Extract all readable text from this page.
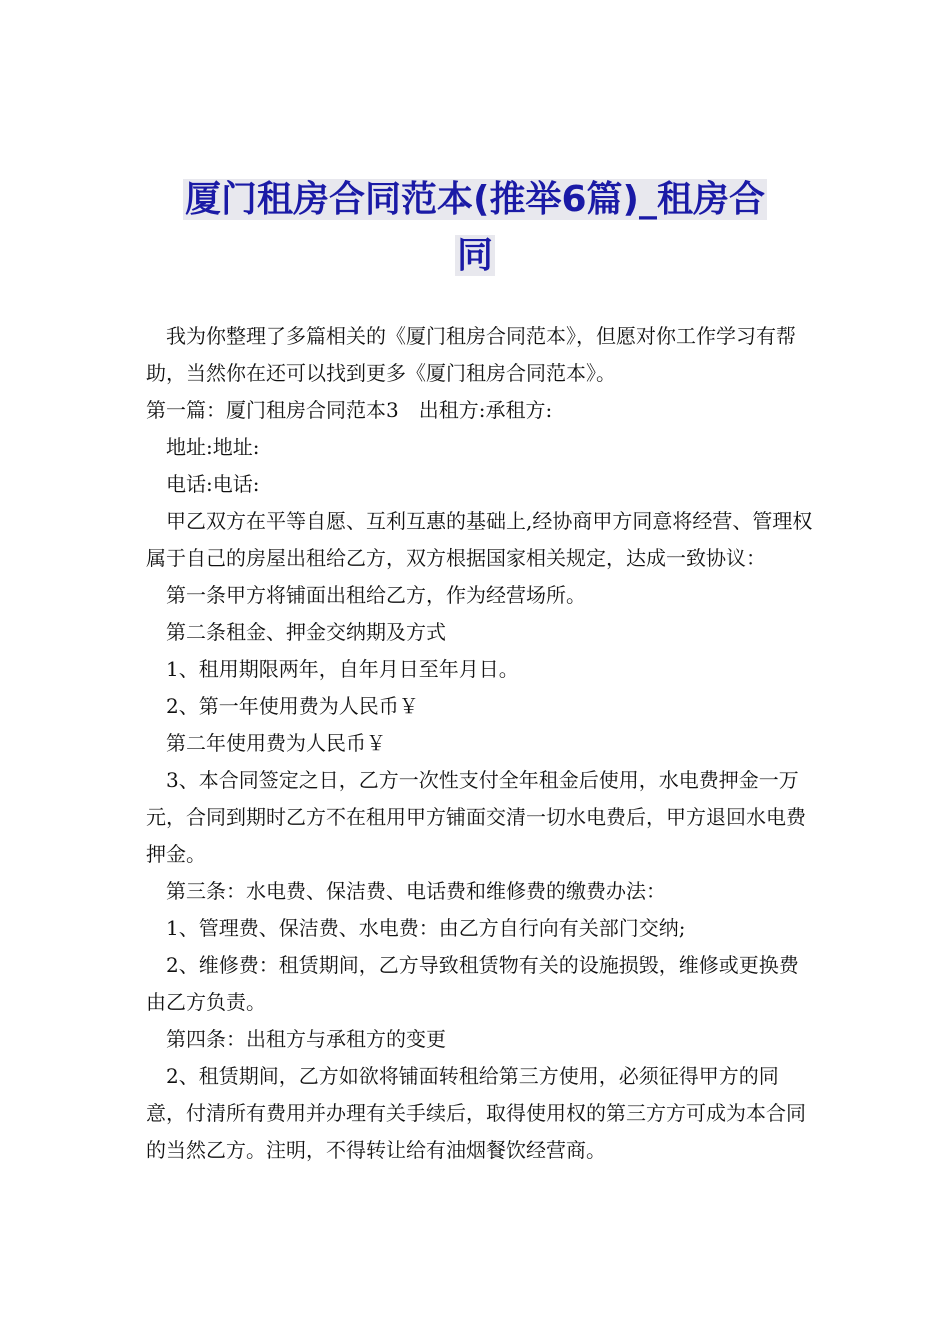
厦门租房合同范本(推举6篇)_租房合
同

我为你整理了多篇相关的《厦门租房合同范本》，但愿对你工作学习有帮助，当然你在还可以找到更多《厦门租房合同范本》。

第一篇：厦门租房合同范本3　出租方:承租方:

地址:地址:

电话:电话:

甲乙双方在平等自愿、互利互惠的基础上,经协商甲方同意将经营、管理权属于自己的房屋出租给乙方，双方根据国家相关规定，达成一致协议：

第一条甲方将铺面出租给乙方，作为经营场所。

第二条租金、押金交纳期及方式

1、租用期限两年，自年月日至年月日。

2、第一年使用费为人民币￥

第二年使用费为人民币￥

3、本合同签定之日，乙方一次性支付全年租金后使用，水电费押金一万元，合同到期时乙方不在租用甲方铺面交清一切水电费后，甲方退回水电费押金。

第三条：水电费、保洁费、电话费和维修费的缴费办法：

1、管理费、保洁费、水电费：由乙方自行向有关部门交纳;

2、维修费：租赁期间，乙方导致租赁物有关的设施损毁，维修或更换费由乙方负责。

第四条：出租方与承租方的变更

2、租赁期间，乙方如欲将铺面转租给第三方使用，必须征得甲方的同意，付清所有费用并办理有关手续后，取得使用权的第三方方可成为本合同的当然乙方。注明，不得转让给有油烟餐饮经营商。
